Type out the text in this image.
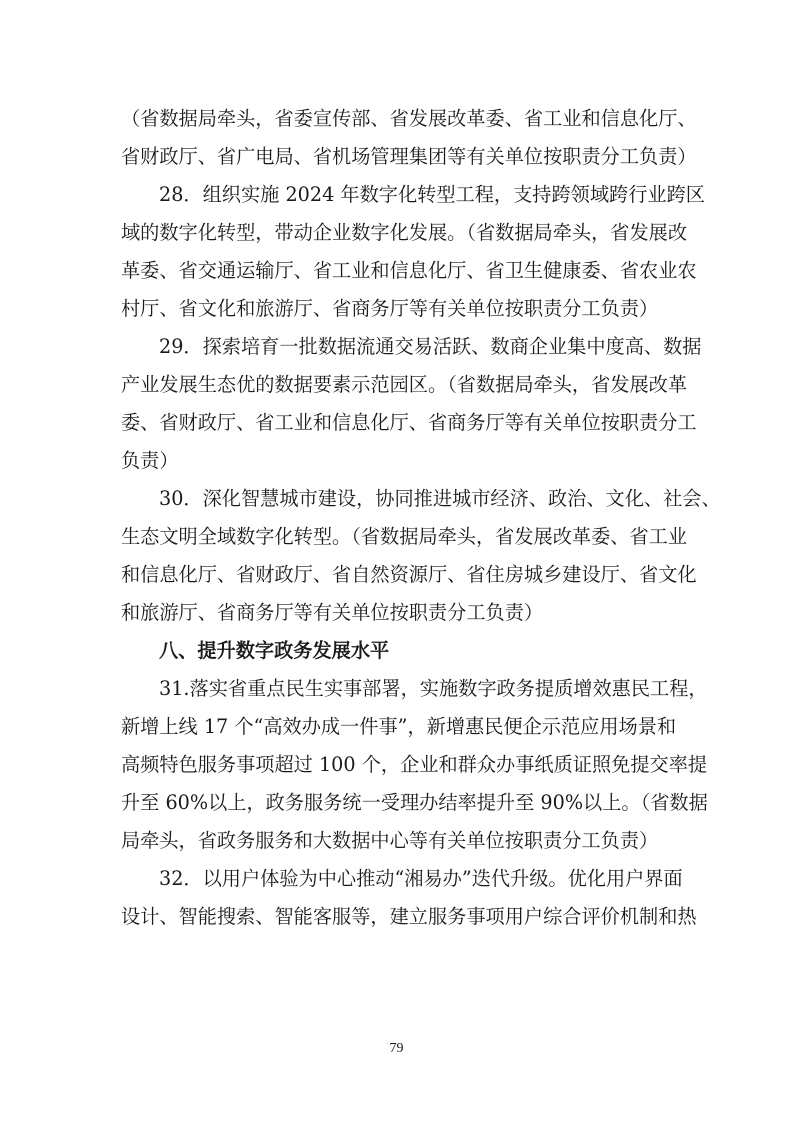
（省数据局牵头，省委宣传部、省发展改革委、省工业和信息化厅、
省财政厅、省广电局、省机场管理集团等有关单位按职责分工负责）
28．组织实施 2024 年数字化转型工程，支持跨领域跨行业跨区
域的数字化转型，带动企业数字化发展。（省数据局牵头，省发展改
革委、省交通运输厅、省工业和信息化厅、省卫生健康委、省农业农
村厅、省文化和旅游厅、省商务厅等有关单位按职责分工负责）
29．探索培育一批数据流通交易活跃、数商企业集中度高、数据
产业发展生态优的数据要素示范园区。（省数据局牵头，省发展改革
委、省财政厅、省工业和信息化厅、省商务厅等有关单位按职责分工
负责）
30．深化智慧城市建设，协同推进城市经济、政治、文化、社会、
生态文明全域数字化转型。（省数据局牵头，省发展改革委、省工业
和信息化厅、省财政厅、省自然资源厅、省住房城乡建设厅、省文化
和旅游厅、省商务厅等有关单位按职责分工负责）
八、提升数字政务发展水平
31.落实省重点民生实事部署，实施数字政务提质增效惠民工程，
新增上线 17 个“高效办成一件事”，新增惠民便企示范应用场景和
高频特色服务事项超过 100 个，企业和群众办事纸质证照免提交率提
升至 60%以上，政务服务统一受理办结率提升至 90%以上。（省数据
局牵头，省政务服务和大数据中心等有关单位按职责分工负责）
32．以用户体验为中心推动“湘易办”迭代升级。优化用户界面
设计、智能搜索、智能客服等，建立服务事项用户综合评价机制和热
79
